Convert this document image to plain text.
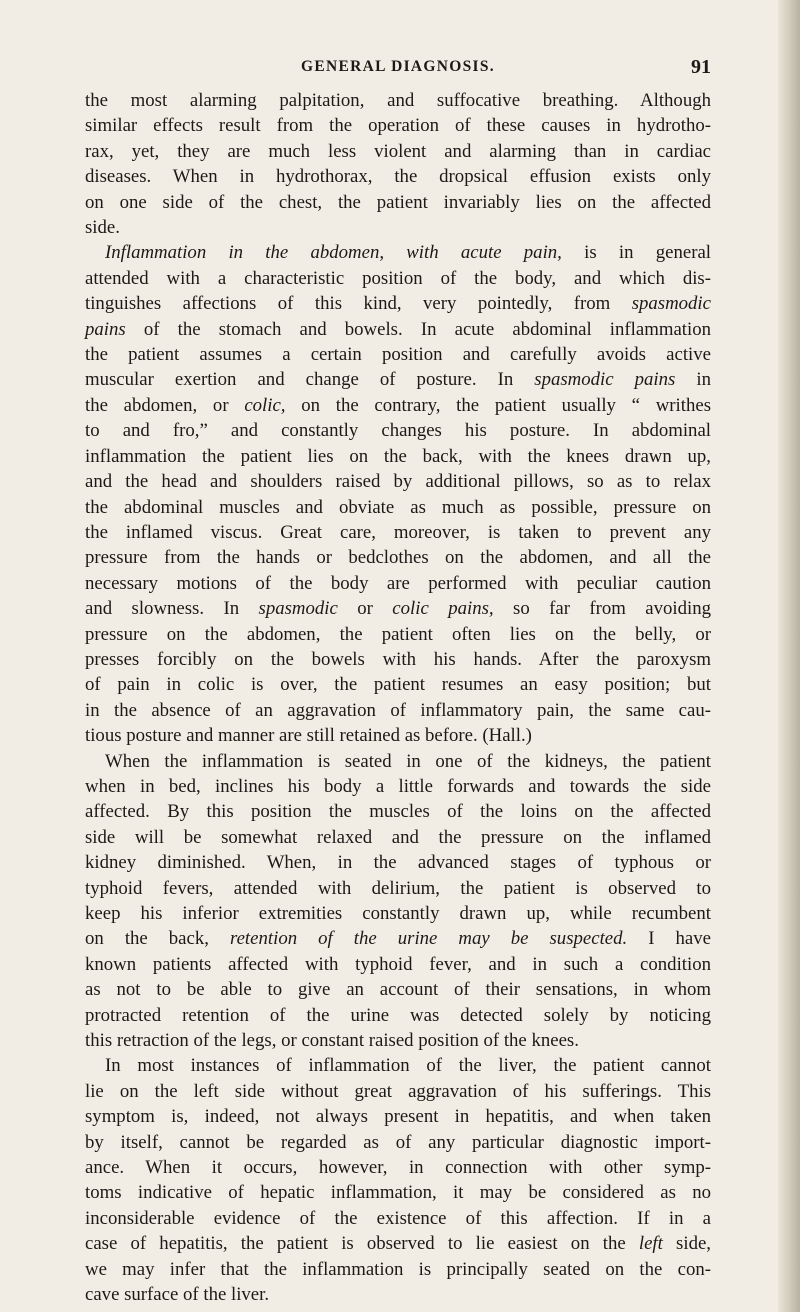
GENERAL DIAGNOSIS.	91

the most alarming palpitation, and suffocative breathing. Although

similar effects result from the operation of these causes in hydrotho-

rax, yet, they are much less violent and alarming than in cardiac

diseases. When in hydrothorax, the dropsical effusion exists only

on one side of the chest, the patient invariably lies on the affected

side.

Inflammation in the abdomen, with acute pain, is in general

attended with a characteristic position of the body, and which dis-

tinguishes affections of this kind, very pointedly, from spasmodic

pains of the stomach and bowels. In acute abdominal inflammation

the patient assumes a certain position and carefully avoids active

muscular exertion and change of posture. In spasmodic pains in

the abdomen, or colic, on the contrary, the patient usually “ writhes

to and fro,” and constantly changes his posture. In abdominal

inflammation the patient lies on the back, with the knees drawn up,

and the head and shoulders raised by additional pillows, so as to relax

the abdominal muscles and obviate as much as possible, pressure on

the inflamed viscus. Great care, moreover, is taken to prevent any

pressure from the hands or bedclothes on the abdomen, and all the

necessary motions of the body are performed with peculiar caution

and slowness. In spasmodic or colic pains, so far from avoiding

pressure on the abdomen, the patient often lies on the belly, or

presses forcibly on the bowels with his hands. After the paroxysm

of pain in colic is over, the patient resumes an easy position; but

in the absence of an aggravation of inflammatory pain, the same cau-

tious posture and manner are still retained as before. (Hall.)

When the inflammation is seated in one of the kidneys, the patient

when in bed, inclines his body a little forwards and towards the side

affected. By this position the muscles of the loins on the affected

side will be somewhat relaxed and the pressure on the inflamed

kidney diminished. When, in the advanced stages of typhous or

typhoid fevers, attended with delirium, the patient is observed to

keep his inferior extremities constantly drawn up, while recumbent

on the back, retention of the urine may be suspected. I have

known patients affected with typhoid fever, and in such a condition

as not to be able to give an account of their sensations, in whom

protracted retention of the urine was detected solely by noticing

this retraction of the legs, or constant raised position of the knees.

In most instances of inflammation of the liver, the patient cannot

lie on the left side without great aggravation of his sufferings. This

symptom is, indeed, not always present in hepatitis, and when taken

by itself, cannot be regarded as of any particular diagnostic import-

ance. When it occurs, however, in connection with other symp-

toms indicative of hepatic inflammation, it may be considered as no

inconsiderable evidence of the existence of this affection. If in a

case of hepatitis, the patient is observed to lie easiest on the left side,

we may infer that the inflammation is principally seated on the con-

cave surface of the liver.
